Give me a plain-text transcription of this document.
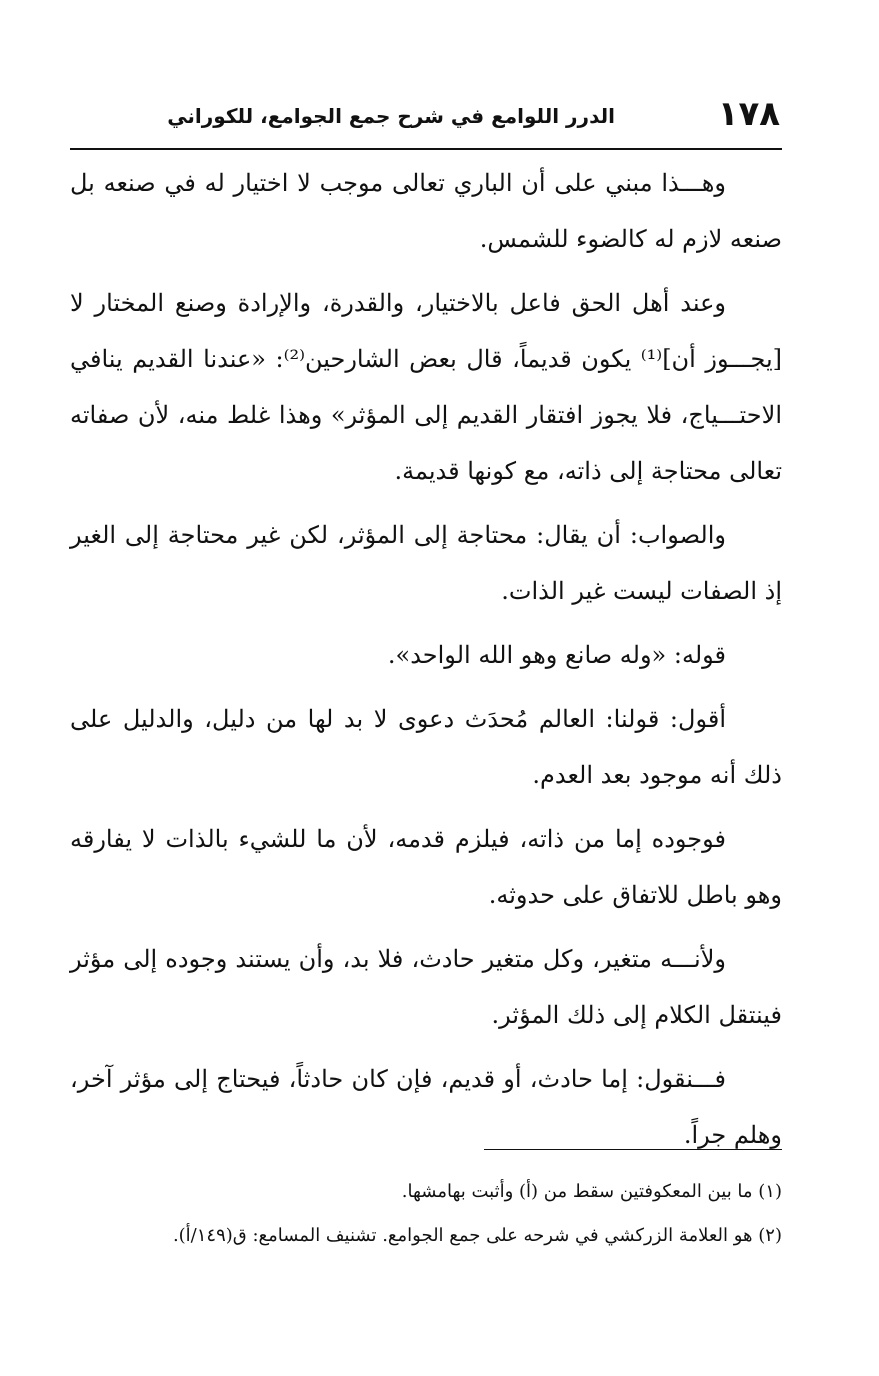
١٧٨
الدرر اللوامع في شرح جمع الجوامع، للكوراني

وهـــذا مبني على أن الباري تعالى موجب لا اختيار له في صنعه بل صنعه لازم له كالضوء للشمس.

وعند أهل الحق فاعل بالاختيار، والقدرة، والإرادة وصنع المختار لا [يجـــوز أن]⁽¹⁾ يكون قديماً، قال بعض الشارحين⁽²⁾: «عندنا القديم ينافي الاحتـــياج، فلا يجوز افتقار القديم إلى المؤثر» وهذا غلط منه، لأن صفاته تعالى محتاجة إلى ذاته، مع كونها قديمة.

والصواب: أن يقال: محتاجة إلى المؤثر، لكن غير محتاجة إلى الغير إذ الصفات ليست غير الذات.

قوله: «وله صانع وهو الله الواحد».

أقول: قولنا: العالم مُحدَث دعوى لا بد لها من دليل، والدليل على ذلك أنه موجود بعد العدم.

فوجوده إما من ذاته، فيلزم قدمه، لأن ما للشيء بالذات لا يفارقه وهو باطل للاتفاق على حدوثه.

ولأنـــه متغير، وكل متغير حادث، فلا بد، وأن يستند وجوده إلى مؤثر فينتقل الكلام إلى ذلك المؤثر.

فـــنقول: إما حادث، أو قديم، فإن كان حادثاً، فيحتاج إلى مؤثر آخر، وهلم جراً.

(١) ما بين المعكوفتين سقط من (أ) وأثبت بهامشها.
(٢) هو العلامة الزركشي في شرحه على جمع الجوامع. تشنيف المسامع: ق(١٤٩/أ).
